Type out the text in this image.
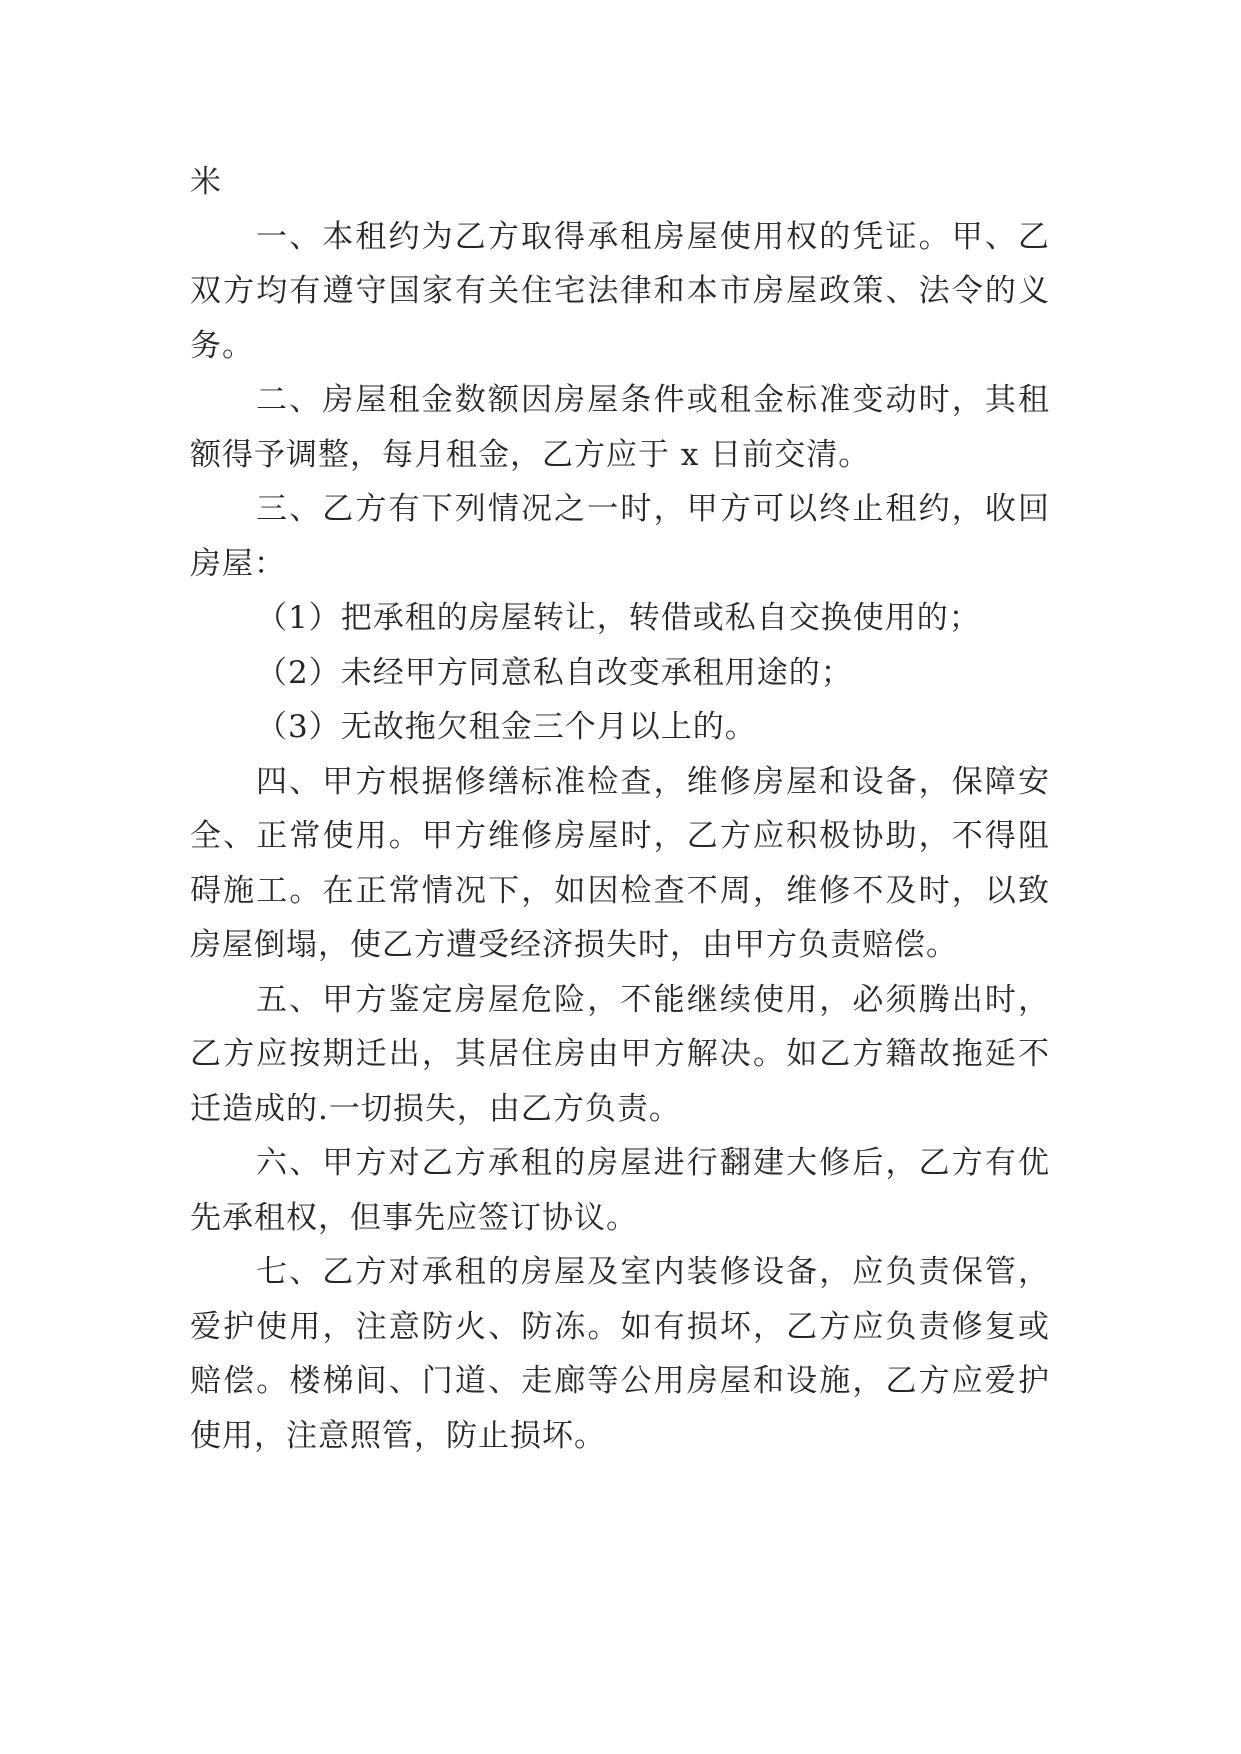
米

一、本租约为乙方取得承租房屋使用权的凭证。甲、乙双方均有遵守国家有关住宅法律和本市房屋政策、法令的义务。

二、房屋租金数额因房屋条件或租金标准变动时，其租额得予调整，每月租金，乙方应于 x 日前交清。

三、乙方有下列情况之一时，甲方可以终止租约，收回房屋：

（1）把承租的房屋转让，转借或私自交换使用的；

（2）未经甲方同意私自改变承租用途的；

（3）无故拖欠租金三个月以上的。

四、甲方根据修缮标准检查，维修房屋和设备，保障安全、正常使用。甲方维修房屋时，乙方应积极协助，不得阻碍施工。在正常情况下，如因检查不周，维修不及时，以致房屋倒塌，使乙方遭受经济损失时，由甲方负责赔偿。

五、甲方鉴定房屋危险，不能继续使用，必须腾出时，乙方应按期迁出，其居住房由甲方解决。如乙方籍故拖延不迁造成的.一切损失，由乙方负责。

六、甲方对乙方承租的房屋进行翻建大修后，乙方有优先承租权，但事先应签订协议。

七、乙方对承租的房屋及室内装修设备，应负责保管，爱护使用，注意防火、防冻。如有损坏，乙方应负责修复或赔偿。楼梯间、门道、走廊等公用房屋和设施，乙方应爱护使用，注意照管，防止损坏。
